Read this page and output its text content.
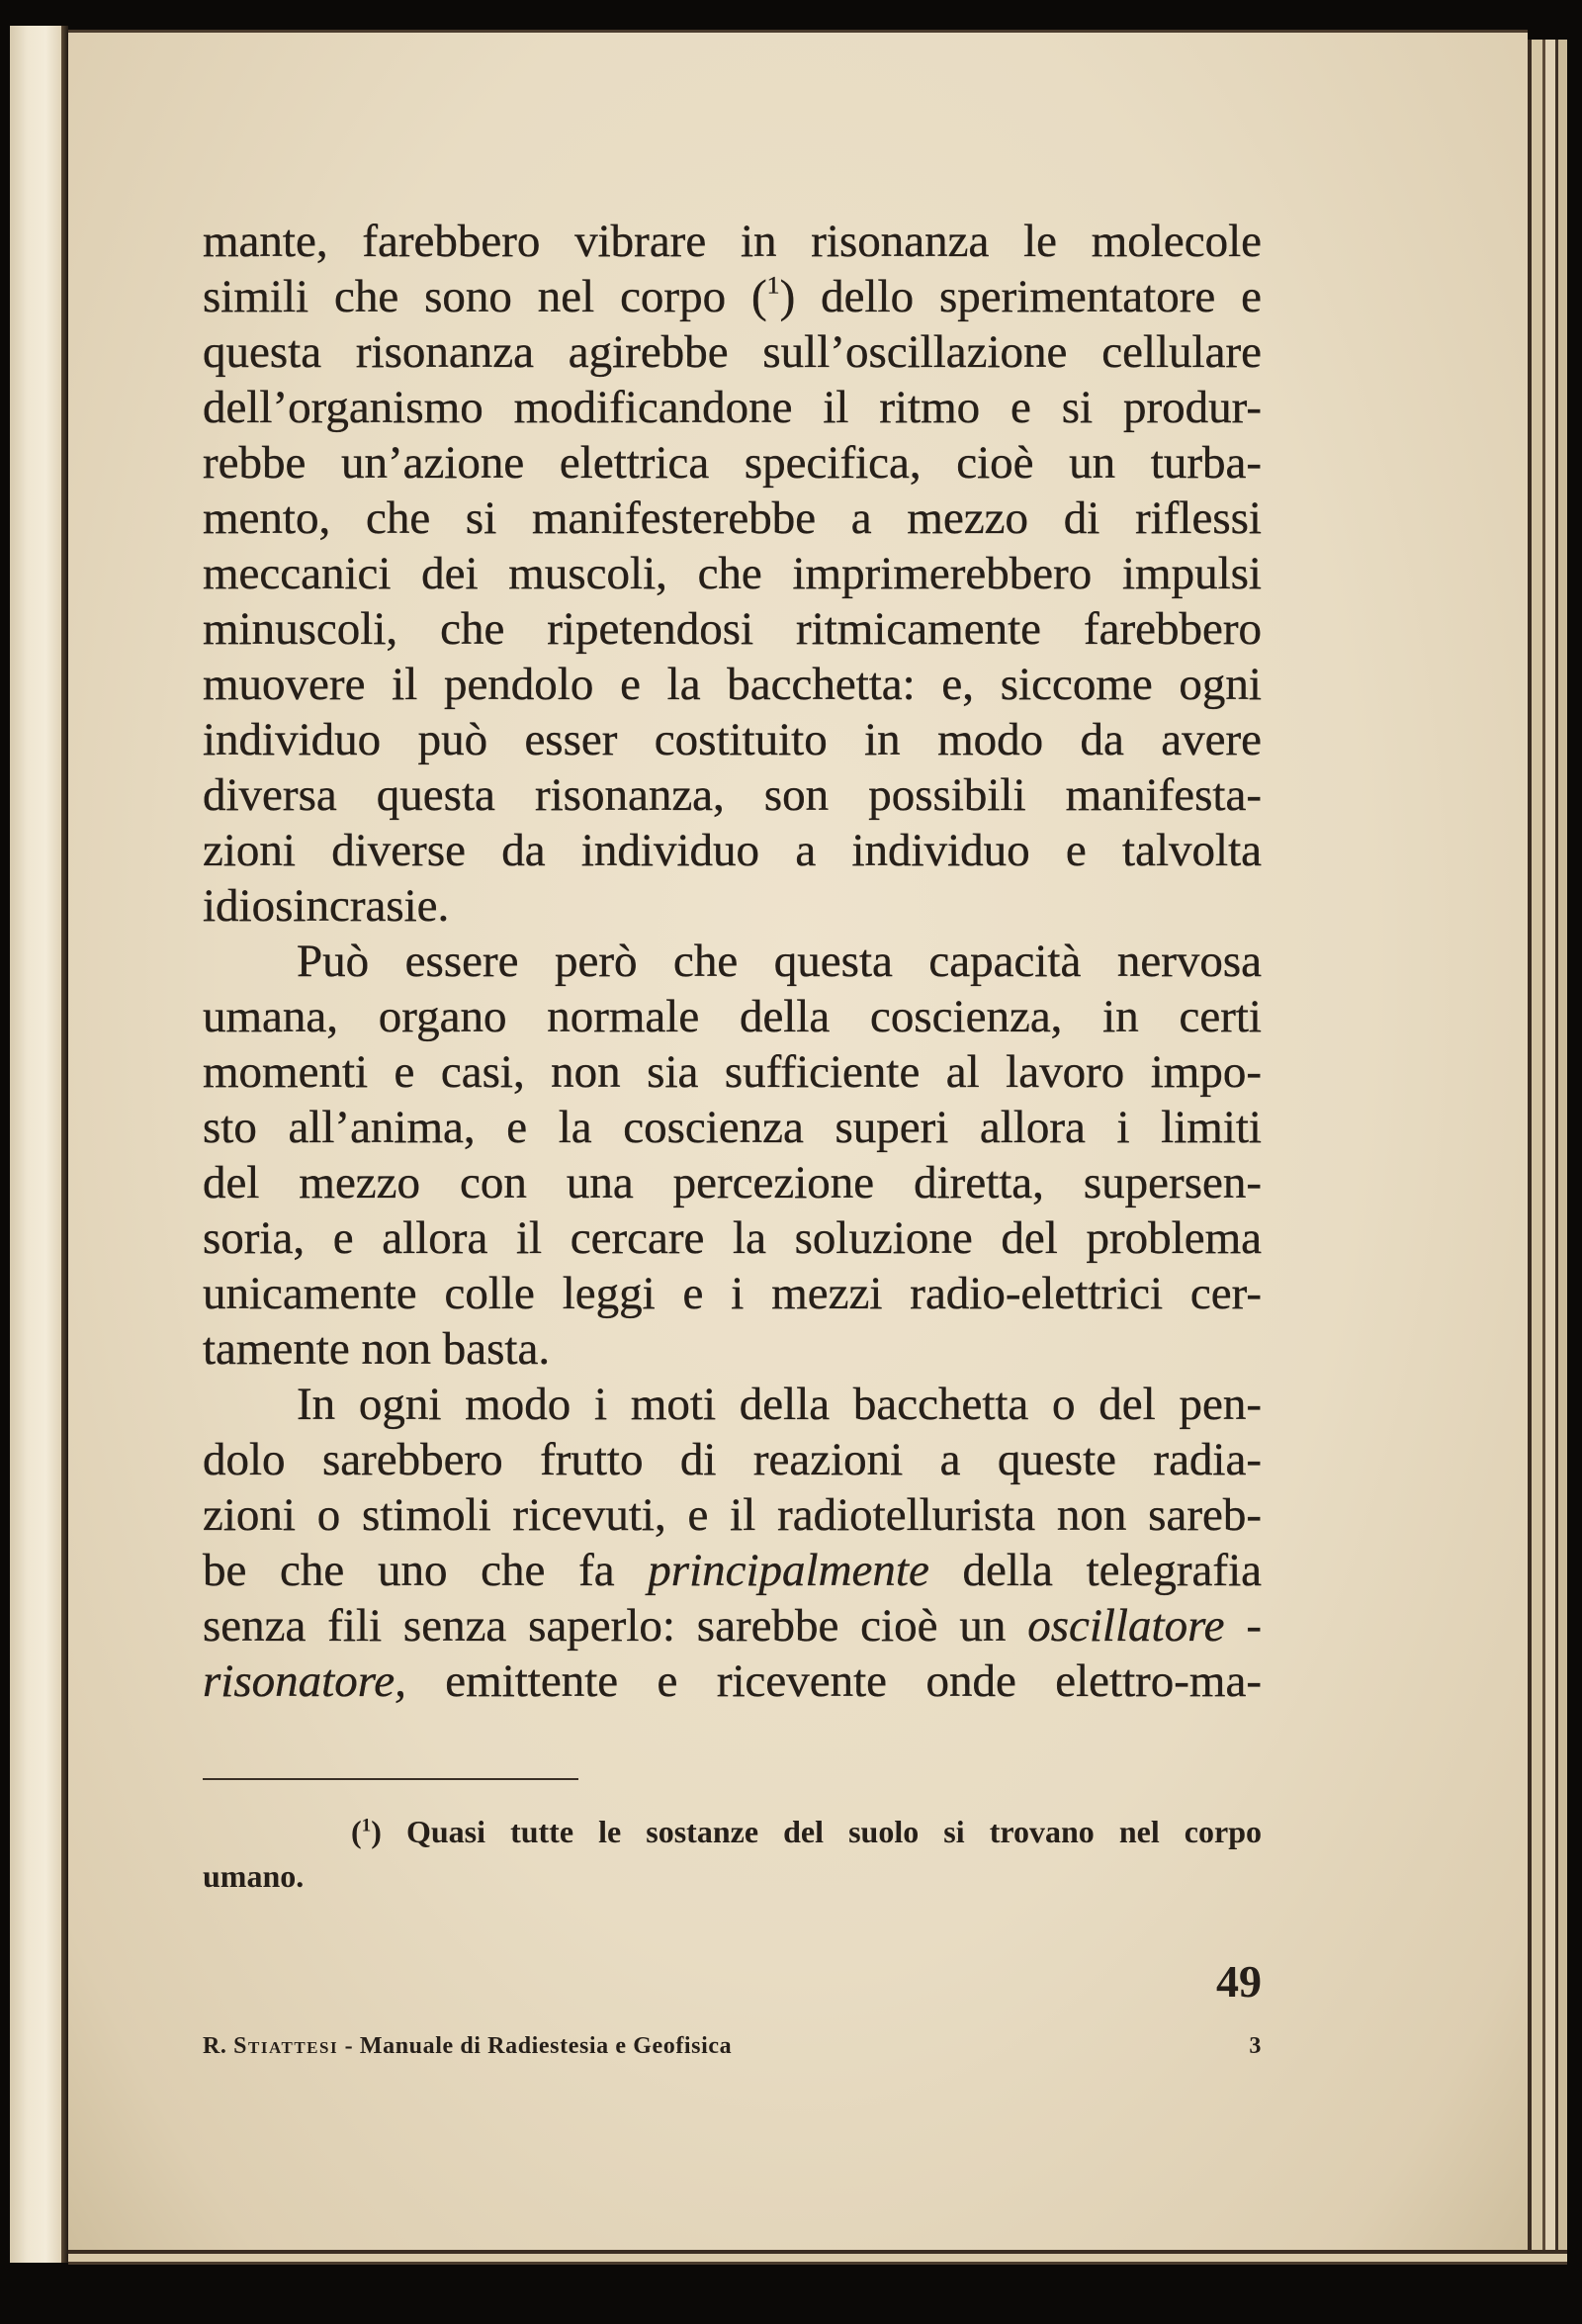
mante, farebbero vibrare in risonanza le molecole
simili che sono nel corpo ($^1$) dello sperimentatore e
questa risonanza agirebbe sull’oscillazione cellulare
dell’organismo modificandone il ritmo e si produr-
rebbe un’azione elettrica specifica, cioè un turba-
mento, che si manifesterebbe a mezzo di riflessi
meccanici dei muscoli, che imprimerebbero impulsi
minuscoli, che ripetendosi ritmicamente farebbero
muovere il pendolo e la bacchetta: e, siccome ogni
individuo può esser costituito in modo da avere
diversa questa risonanza, son possibili manifesta-
zioni diverse da individuo a individuo e talvolta
idiosincrasie.
Può essere però che questa capacità nervosa
umana, organo normale della coscienza, in certi
momenti e casi, non sia sufficiente al lavoro impo-
sto all’anima, e la coscienza superi allora i limiti
del mezzo con una percezione diretta, supersen-
soria, e allora il cercare la soluzione del problema
unicamente colle leggi e i mezzi radio-elettrici cer-
tamente non basta.
In ogni modo i moti della bacchetta o del pen-
dolo sarebbero frutto di reazioni a queste radia-
zioni o stimoli ricevuti, e il radiotellurista non sareb-
be che uno che fa principalmente della telegrafia
senza fili senza saperlo: sarebbe cioè un oscillatore -
risonatore, emittente e ricevente onde elettro-ma-
($^1$) Quasi tutte le sostanze del suolo si trovano nel corpo
umano.
49
R. Stiattesi - Manuale di Radiestesia e Geofisica	3
